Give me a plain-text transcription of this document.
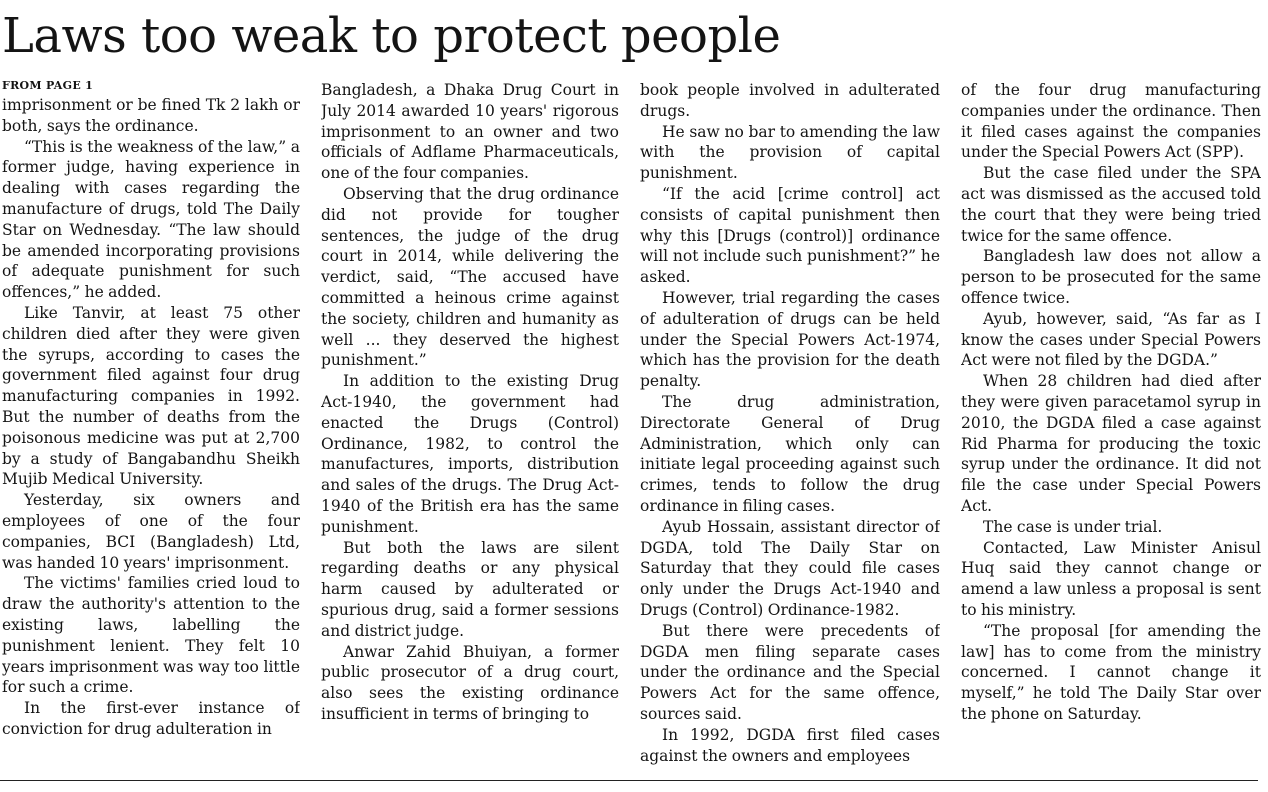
Laws too weak to protect people
FROM PAGE 1

imprisonment or be fined Tk 2 lakh or both, says the ordinance.

“This is the weakness of the law,” a former judge, having experience in dealing with cases regarding the manufacture of drugs, told The Daily Star on Wednesday. “The law should be amended incorporating provisions of adequate punishment for such offences,” he added.

Like Tanvir, at least 75 other children died after they were given the syrups, according to cases the government filed against four drug manufacturing companies in 1992. But the number of deaths from the poisonous medicine was put at 2,700 by a study of Bangabandhu Sheikh Mujib Medical University.

Yesterday, six owners and employees of one of the four companies, BCI (Bangladesh) Ltd, was handed 10 years' imprisonment.

The victims' families cried loud to draw the authority's attention to the existing laws, labelling the punishment lenient. They felt 10 years imprisonment was way too little for such a crime.

In the first-ever instance of conviction for drug adulteration in

Bangladesh, a Dhaka Drug Court in July 2014 awarded 10 years' rigorous imprisonment to an owner and two officials of Adflame Pharmaceuticals, one of the four companies.

Observing that the drug ordinance did not provide for tougher sentences, the judge of the drug court in 2014, while delivering the verdict, said, “The accused have committed a heinous crime against the society, children and humanity as well ... they deserved the highest punishment.”

In addition to the existing Drug Act-1940, the government had enacted the Drugs (Control) Ordinance, 1982, to control the manufactures, imports, distribution and sales of the drugs. The Drug Act-1940 of the British era has the same punishment.

But both the laws are silent regarding deaths or any physical harm caused by adulterated or spurious drug, said a former sessions and district judge.

Anwar Zahid Bhuiyan, a former public prosecutor of a drug court, also sees the existing ordinance insufficient in terms of bringing to

book people involved in adulterated drugs.

He saw no bar to amending the law with the provision of capital punishment.

“If the acid [crime control] act consists of capital punishment then why this [Drugs (control)] ordinance will not include such punishment?” he asked.

However, trial regarding the cases of adulteration of drugs can be held under the Special Powers Act-1974, which has the provision for the death penalty.

The drug administration, Directorate General of Drug Administration, which only can initiate legal proceeding against such crimes, tends to follow the drug ordinance in filing cases.

Ayub Hossain, assistant director of DGDA, told The Daily Star on Saturday that they could file cases only under the Drugs Act-1940 and Drugs (Control) Ordinance-1982.

But there were precedents of DGDA men filing separate cases under the ordinance and the Special Powers Act for the same offence, sources said.

In 1992, DGDA first filed cases against the owners and employees

of the four drug manufacturing companies under the ordinance. Then it filed cases against the companies under the Special Powers Act (SPP).

But the case filed under the SPA act was dismissed as the accused told the court that they were being tried twice for the same offence.

Bangladesh law does not allow a person to be prosecuted for the same offence twice.

Ayub, however, said, “As far as I know the cases under Special Powers Act were not filed by the DGDA.”

When 28 children had died after they were given paracetamol syrup in 2010, the DGDA filed a case against Rid Pharma for producing the toxic syrup under the ordinance. It did not file the case under Special Powers Act.

The case is under trial.

Contacted, Law Minister Anisul Huq said they cannot change or amend a law unless a proposal is sent to his ministry.

“The proposal [for amending the law] has to come from the ministry concerned. I cannot change it myself,” he told The Daily Star over the phone on Saturday.
